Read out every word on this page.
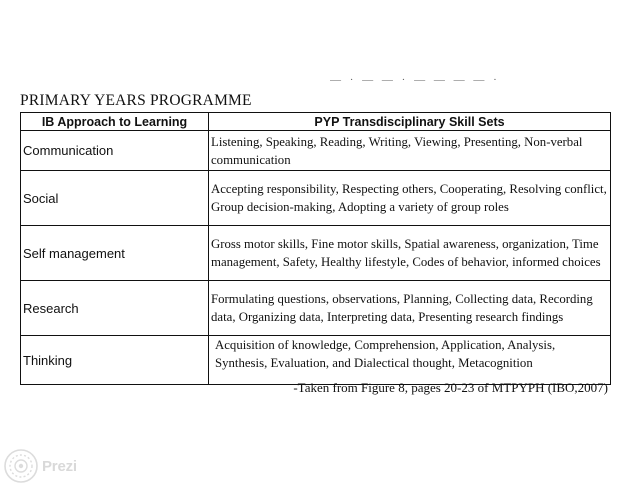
— · — — · — — — — ·
PRIMARY YEARS PROGRAMME
IB Approach to Learning	PYP Transdisciplinary Skill Sets
Communication	Listening, Speaking, Reading, Writing, Viewing, Presenting, Non-verbal communication
Social	Accepting responsibility, Respecting others, Cooperating, Resolving conflict, Group decision-making, Adopting a variety of group roles
Self management	Gross motor skills, Fine motor skills, Spatial awareness, organization, Time management, Safety, Healthy lifestyle, Codes of behavior, informed choices
Research	Formulating questions, observations, Planning, Collecting data, Recording data, Organizing data, Interpreting data, Presenting research findings
Thinking	Acquisition of knowledge, Comprehension, Application, Analysis, Synthesis, Evaluation, and Dialectical thought, Metacognition
-Taken from Figure 8, pages 20-23 of MTPYPH (IBO,2007)
Prezi
